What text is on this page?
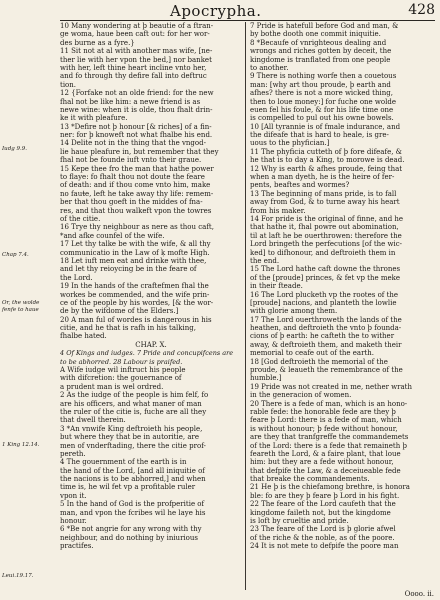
Apocrypha.	428
Iudg 9.9.
Chap 7.4.
Or, the wolde
fenfe to haue
1 King 12.14.
Leui.19.17.
10 Many wondering at þ beautie of a ftran-
ge woma, haue been caft out: for her wor-
des burne as a fyre.}
11 Sit not at al with another mas wife, [ne-
ther lie with her vpon the bed,] nor banket
with her, left thine heart incline vnto her,
and fo through thy defire fall into deftruc
tion.
12 {Forfake not an olde friend: for the new
fhal not be like him: a newe friend is as
newe wine: when it is olde, thou fhalt drin-
ke it with pleafure.
13 *Defire not þ honour [& riches] of a fin-
ner: for þ knoweft not what fhalbe his end.
14 Delite not in the thing that the vngod-
lie haue pleafure in, but remember that they
fhal not be founde iuft vnto their graue.
15 Kepe thee fro the man that hathe power
to flaye: fo fhalt thou not doute the feare
of death: and if thou come vnto him, make
no fauŧe, left he take away thy life: remem-
ber that thou goeft in the middes of fna-
res, and that thou walkeft vpon the towres
of the citie.
16 Trye thy neighbour as nere as thou caft,
*and afke counfel of the wife.
17 Let thy talke be with the wife, & all thy
communicatio in the Law of ķ mofte High.
18 Let iuft men eat and drinke with thee,
and let thy reioycing be in the feare of
the Lord.
19 In the hands of the craftefmen fhal the
workes be commended, and the wife prin-
ce of the people by his wordes, [& the wor-
de by the wifdome of the Elders.]
20 A man ful of wordes is dangerous in his
citie, and he that is rafh in his talking,
fhalbe hated.
CHAP. X.
4 Of Kings and iudges. 7 Pride and concupifcens are
to be abhorred. 28 Labour is praifed.
A Wife iudge wil inftruct his people
with difcretion: the gouernance of
a prudent man is wel ordred.
2 As the iudge of the people is him felf, fo
are his officers, and what maner of man
the ruler of the citie is, fuche are all they
that dwell therein.
3 *An vnwife King deftroieth his people,
but where they that be in autoritie, are
men of vnderftading, there the citie prof-
pereth.
4 The gouernment of the earth is in
the hand of the Lord, [and all iniquitie of
the nacions is to be abhorred,] and when
time is, he wil fet vp a profitable ruler
vpon it.
5 In the hand of God is the profperitie of
man, and vpon the fcribes wil he laye his
honour.
6 *Be not angrie for any wrong with thy
neighbour, and do nothing by iniurious
practifes.
7 Pride is hatefull before God and man, &
by bothe dooth one commit iniquitie.
8 *Becaufe of vnrighteous dealing and
wrongs and riches gotten by deceit, the
kingdome is tranflated from one people
to another.
9 There is nothing worfe then a couetous
man: [why art thou proude, þ earth and
afhes? there is not a more wicked thing,
then to loue money:] for fuche one wolde
euen fel his foule, & for his life time one
is compelled to pul out his owne bowels.
10 [All tyrannie is of fmale indurance, and
the difeafe that is hard to heale, is gre-
uous to the phyfician.]
11 The phyficia cutteth of þ fore difeafe, &
he that is to day a King, to morowe is dead.
12 Why is earth & afhes proude, feing that
when a man dyeth, he is the heire of fer-
pents, beaftes and wormes?
13 The beginning of mans pride, is to fall
away from God, & to turne away his heart
from his maker.
14 For pride is the original of finne, and he
that hathe it, fhal powre out abomination,
til at laft he be ouerthrowen: therefore the
Lord bringeth the perfecutions [of the wic-
ked] to difhonour, and deftroieth them in
the end.
15 The Lord hathe caft downe the thrones
of the [proude] princes, & fet vp the meke
in their fteade.
16 The Lord plucketh vp the rootes of the
[proude] nacions, and planteth the lowlie
with glorie among them.
17 The Lord ouerthroweth the lands of the
heathen, and deftroieth the vnto þ founda-
cions of þ earth: he cafteth the to wither
away, & deftroieth them, and maketh their
memorial to ceafe out of the earth.
18 [God deftroieth the memorial of the
proude, & leaueth the remembrance of the
humble.]
19 Pride was not created in me, nether wrath
in the generacion of women.
20 There is a fede of man, which is an hono-
rable fede: the honorable fede are they þ
feare þ Lord: there is a fede of man, which
is without honour; þ fede without honour,
are they that tranfgreffe the commandemets
of the Lord: there is a fede that remaineth þ
feareth the Lord, & a faire plant, that loue
him: but they are a fede without honour,
that defpife the Law, & a deceiueable fede
that breake the commandements.
21 He þ is the chiefamong brethre, is honora
ble: fo are they þ feare þ Lord in his fight.
22 The feare of the Lord caufeth that the
kingdome faileth not, but the kingdome
is loft by crueltie and pride.
23 The feare of the Lord is þ glorie afwel
of the riche & the noble, as of the poore.
24 It is not mete to defpife the poore man
Oooo. ii.
